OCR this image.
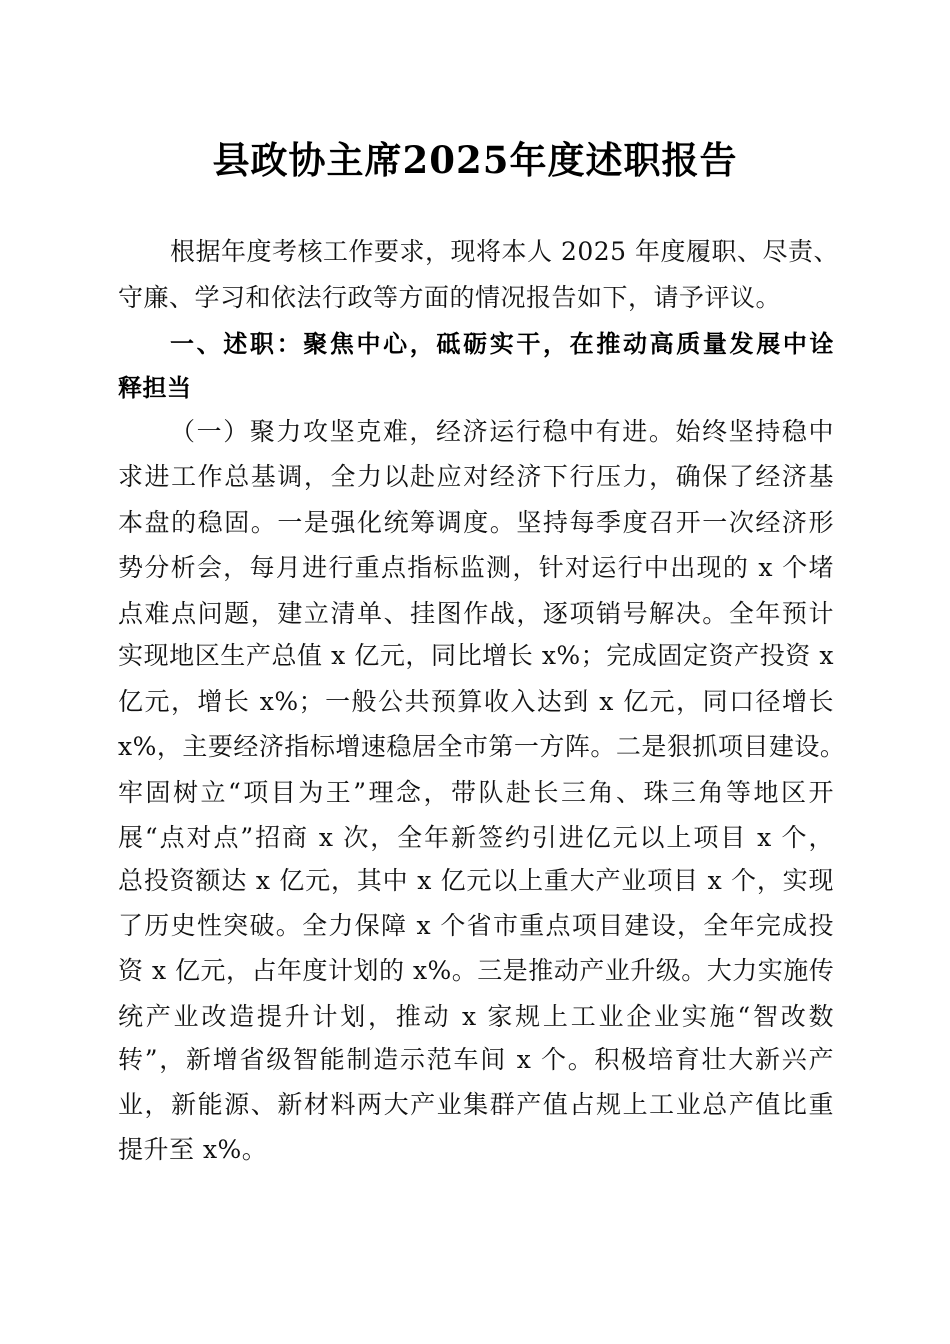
县政协主席2025年度述职报告
根据年度考核工作要求，现将本人 2025 年度履职、尽责、
守廉、学习和依法行政等方面的情况报告如下，请予评议。
一、述职：聚焦中心，砥砺实干，在推动高质量发展中诠
释担当
（一）聚力攻坚克难，经济运行稳中有进。始终坚持稳中
求进工作总基调，全力以赴应对经济下行压力，确保了经济基
本盘的稳固。一是强化统筹调度。坚持每季度召开一次经济形
势分析会，每月进行重点指标监测，针对运行中出现的 x 个堵
点难点问题，建立清单、挂图作战，逐项销号解决。全年预计
实现地区生产总值 x 亿元，同比增长 x%；完成固定资产投资 x
亿元，增长 x%；一般公共预算收入达到 x 亿元，同口径增长
x%，主要经济指标增速稳居全市第一方阵。二是狠抓项目建设。
牢固树立“项目为王”理念，带队赴长三角、珠三角等地区开
展“点对点”招商 x 次，全年新签约引进亿元以上项目 x 个，
总投资额达 x 亿元，其中 x 亿元以上重大产业项目 x 个，实现
了历史性突破。全力保障 x 个省市重点项目建设，全年完成投
资 x 亿元，占年度计划的 x%。三是推动产业升级。大力实施传
统产业改造提升计划，推动 x 家规上工业企业实施“智改数
转”，新增省级智能制造示范车间 x 个。积极培育壮大新兴产
业，新能源、新材料两大产业集群产值占规上工业总产值比重
提升至 x%。
